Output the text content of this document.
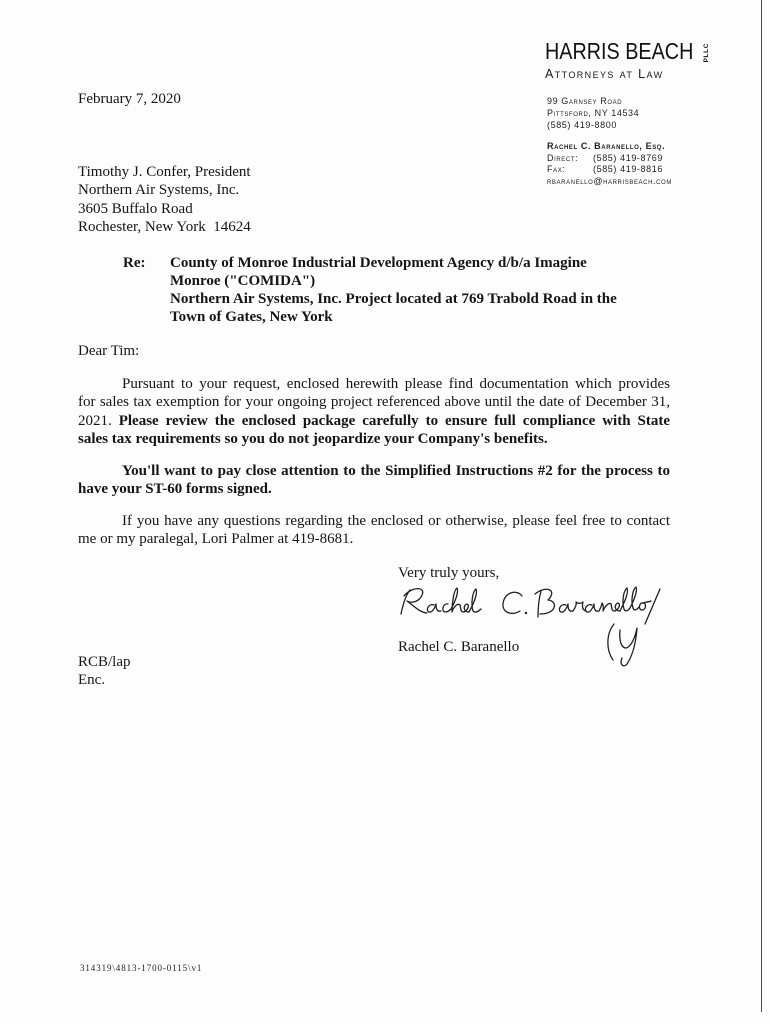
HARRIS BEACH PLLC
Attorneys at Law
99 Garnsey Road
Pittsford, NY 14534
(585) 419-8800
Rachel C. Baranello, Esq.
Direct: (585) 419-8769
Fax:	(585) 419-8816
rbaranello@harrisbeach.com
February 7, 2020
Timothy J. Confer, President
Northern Air Systems, Inc.
3605 Buffalo Road
Rochester, New York  14624
Re: County of Monroe Industrial Development Agency d/b/a Imagine
Monroe ("COMIDA")
Northern Air Systems, Inc. Project located at 769 Trabold Road in the
Town of Gates, New York
Dear Tim:
Pursuant to your request, enclosed herewith please find documentation which provides
for sales tax exemption for your ongoing project referenced above until the date of December 31,
2021. Please review the enclosed package carefully to ensure full compliance with State
sales tax requirements so you do not jeopardize your Company's benefits.
You'll want to pay close attention to the Simplified Instructions #2 for the process to
have your ST-60 forms signed.
If you have any questions regarding the enclosed or otherwise, please feel free to contact
me or my paralegal, Lori Palmer at 419-8681.
Very truly yours,
Rachel C. Baranello
RCB/lap
Enc.
314319\4813-1700-0115\v1
